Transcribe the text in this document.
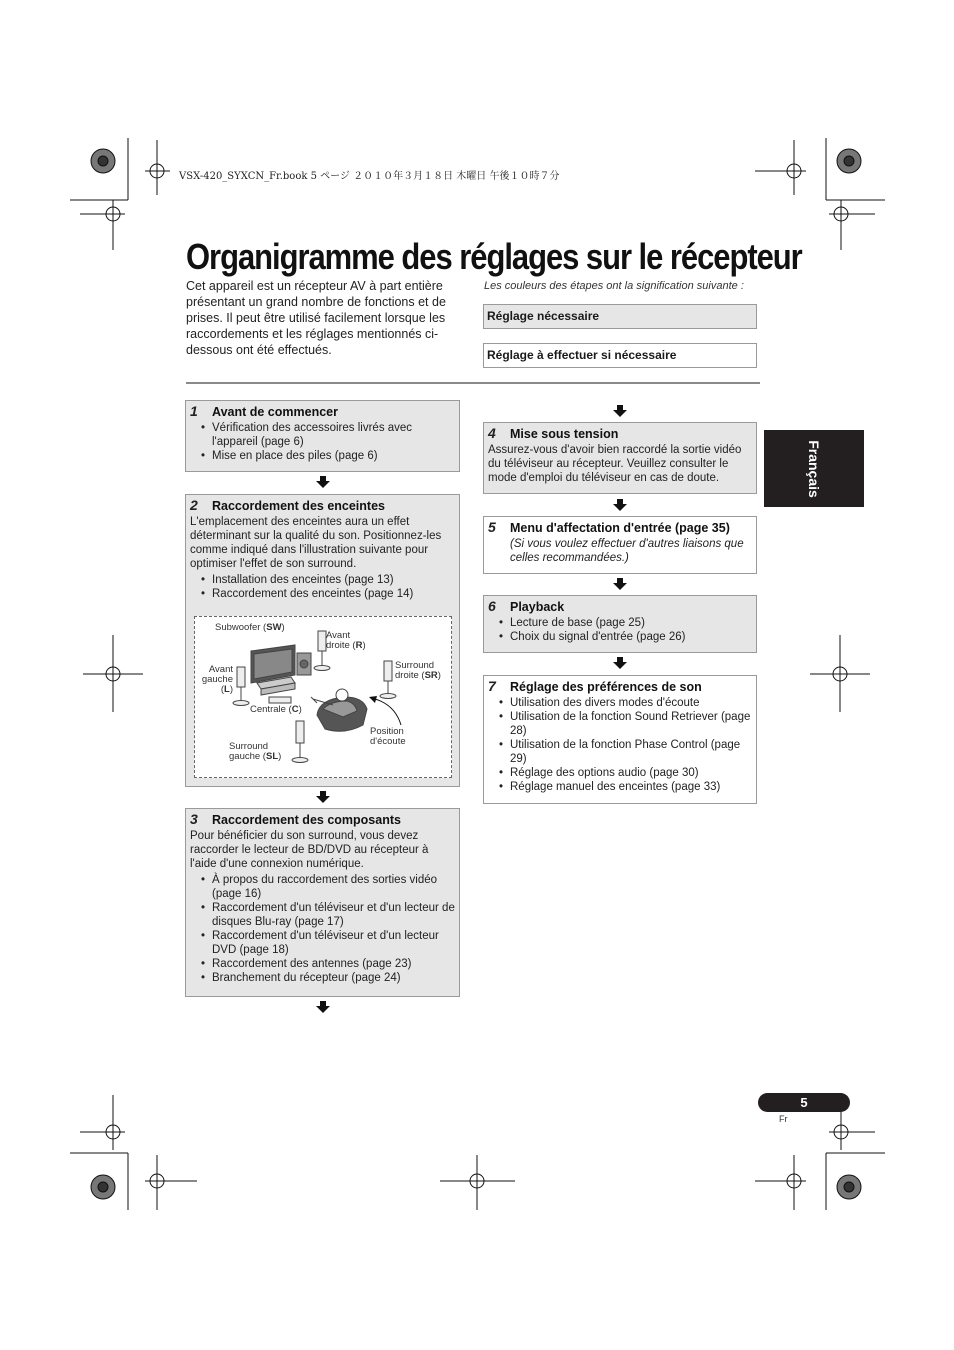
VSX-420_SYXCN_Fr.book 5 ページ ２０１０年３月１８日 木曜日 午後１０時７分
Organigramme des réglages sur le récepteur

Cet appareil est un récepteur AV à part entière présentant un grand nombre de fonctions et de prises. Il peut être utilisé facilement lorsque les raccordements et les réglages mentionnés ci-dessous ont été effectués.

Les couleurs des étapes ont la signification suivante :
Réglage nécessaire
Réglage à effectuer si nécessaire
1	Avant de commencer
• Vérification des accessoires livrés avec l'appareil (page 6)
• Mise en place des piles (page 6)
2	Raccordement des enceintes

L'emplacement des enceintes aura un effet déterminant sur la qualité du son. Positionnez-les comme indiqué dans l'illustration suivante pour optimiser l'effet de son surround.

• Installation des enceintes (page 13)
• Raccordement des enceintes (page 14)
Subwoofer (SW)
Avant
droite (R)
Avant
gauche
(L)
Centrale (C)
Surround
droite (SR)
Surround
gauche (SL)
Position
d'écoute
3	Raccordement des composants

Pour bénéficier du son surround, vous devez raccorder le lecteur de BD/DVD au récepteur à l'aide d'une connexion numérique.

• À propos du raccordement des sorties vidéo (page 16)
• Raccordement d'un téléviseur et d'un lecteur de disques Blu-ray (page 17)
• Raccordement d'un téléviseur et d'un lecteur DVD (page 18)
• Raccordement des antennes (page 23)
• Branchement du récepteur (page 24)
4	Mise sous tension

Assurez-vous d'avoir bien raccordé la sortie vidéo du téléviseur au récepteur. Veuillez consulter le mode d'emploi du téléviseur en cas de doute.

5	Menu d'affectation d'entrée (page 35)

(Si vous voulez effectuer d'autres liaisons que celles recommandées.)

6	Playback
• Lecture de base (page 25)
• Choix du signal d'entrée (page 26)
7	Réglage des préférences de son
• Utilisation des divers modes d'écoute
• Utilisation de la fonction Sound Retriever (page 28)
• Utilisation de la fonction Phase Control (page 29)
• Réglage des options audio (page 30)
• Réglage manuel des enceintes (page 33)
Français
5
Fr
